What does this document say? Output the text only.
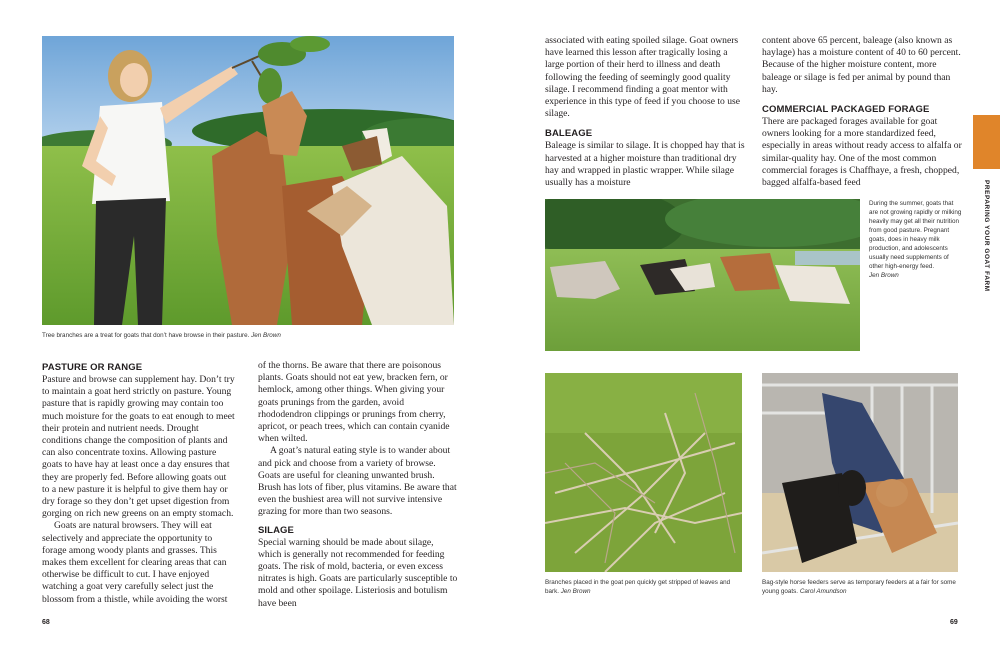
Tree branches are a treat for goats that don’t have browse in their pasture. Jen Brown
PASTURE OR RANGE

Pasture and browse can supplement hay. Don’t try to maintain a goat herd strictly on pasture. Young pasture that is rapidly growing may contain too much moisture for the goats to eat enough to meet their protein and nutrient needs. Drought conditions change the composition of plants and can also concentrate toxins. Allowing pasture goats to have hay at least once a day ensures that they are properly fed. Before allowing goats out to a new pasture it is helpful to give them hay or dry forage so they don’t get upset digestion from gorging on rich new greens on an empty stomach.

Goats are natural browsers. They will eat selectively and appreciate the opportunity to forage among woody plants and grasses. This makes them excellent for clearing areas that can otherwise be difficult to cut. I have enjoyed watching a goat very carefully select just the blossom from a thistle, while avoiding the worst

of the thorns. Be aware that there are poisonous plants. Goats should not eat yew, bracken fern, or hemlock, among other things. When giving your goats prunings from the garden, avoid rhododendron clippings or prunings from cherry, apricot, or peach trees, which can contain cyanide when wilted.

A goat’s natural eating style is to wander about and pick and choose from a variety of browse. Goats are useful for cleaning unwanted brush. Brush has lots of fiber, plus vitamins. Be aware that even the bushiest area will not survive intensive grazing for more than two seasons.

SILAGE

Special warning should be made about silage, which is generally not recommended for feeding goats. The risk of mold, bacteria, or even excess nitrates is high. Goats are particularly susceptible to mold and other spoilage. Listeriosis and botulism have been

68

associated with eating spoiled silage. Goat owners have learned this lesson after tragically losing a large portion of their herd to illness and death following the feeding of seemingly good quality silage. I recommend finding a goat mentor with experience in this type of feed if you choose to use silage.

BALEAGE

Baleage is similar to silage. It is chopped hay that is harvested at a higher moisture than traditional dry hay and wrapped in plastic wrapper. While silage usually has a moisture

content above 65 percent, baleage (also known as haylage) has a moisture content of 40 to 60 percent. Because of the higher moisture content, more baleage or silage is fed per animal by pound than hay.

COMMERCIAL PACKAGED FORAGE

There are packaged forages available for goat owners looking for a more standardized feed, especially in areas without ready access to alfalfa or similar-quality hay. One of the most common commercial forages is Chaffhaye, a fresh, chopped, bagged alfalfa-based feed	PREPARING YOUR GOAT FARM
During the summer, goats that are not growing rapidly or milking heavily may get all their nutrition from good pasture. Pregnant goats, does in heavy milk production, and adolescents usually need supplements of other high-energy feed.
Jen Brown
Branches placed in the goat pen quickly get stripped of leaves and bark. Jen Brown
Bag-style horse feeders serve as temporary feeders at a fair for some young goats. Carol Amundson
69
